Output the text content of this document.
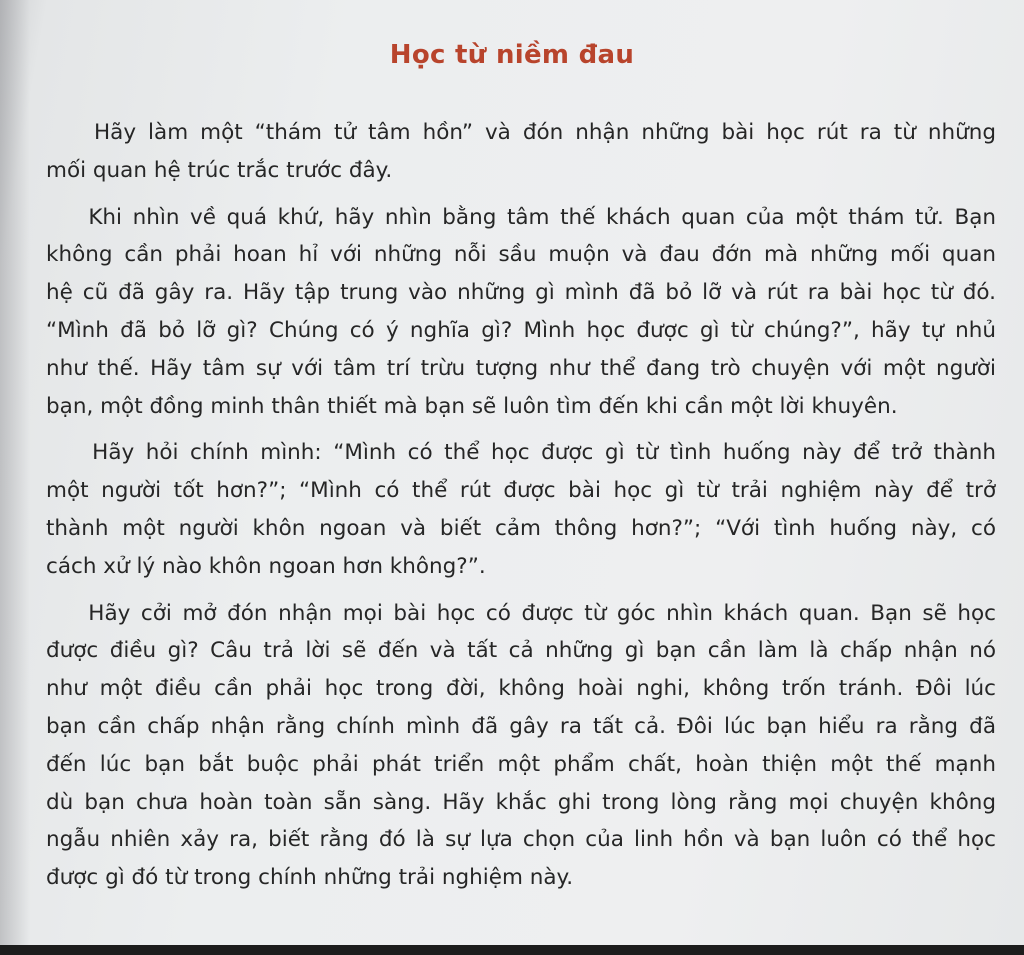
Học từ niềm đau
Hãy làm một “thám tử tâm hồn” và đón nhận những bài học rút ra từ những
mối quan hệ trúc trắc trước đây.
Khi nhìn về quá khứ, hãy nhìn bằng tâm thế khách quan của một thám tử. Bạn
không cần phải hoan hỉ với những nỗi sầu muộn và đau đớn mà những mối quan
hệ cũ đã gây ra. Hãy tập trung vào những gì mình đã bỏ lỡ và rút ra bài học từ đó.
“Mình đã bỏ lỡ gì? Chúng có ý nghĩa gì? Mình học được gì từ chúng?”, hãy tự nhủ
như thế. Hãy tâm sự với tâm trí trừu tượng như thể đang trò chuyện với một người
bạn, một đồng minh thân thiết mà bạn sẽ luôn tìm đến khi cần một lời khuyên.
Hãy hỏi chính mình: “Mình có thể học được gì từ tình huống này để trở thành
một người tốt hơn?”; “Mình có thể rút được bài học gì từ trải nghiệm này để trở
thành một người khôn ngoan và biết cảm thông hơn?”; “Với tình huống này, có
cách xử lý nào khôn ngoan hơn không?”.
Hãy cởi mở đón nhận mọi bài học có được từ góc nhìn khách quan. Bạn sẽ học
được điều gì? Câu trả lời sẽ đến và tất cả những gì bạn cần làm là chấp nhận nó
như một điều cần phải học trong đời, không hoài nghi, không trốn tránh. Đôi lúc
bạn cần chấp nhận rằng chính mình đã gây ra tất cả. Đôi lúc bạn hiểu ra rằng đã
đến lúc bạn bắt buộc phải phát triển một phẩm chất, hoàn thiện một thế mạnh
dù bạn chưa hoàn toàn sẵn sàng. Hãy khắc ghi trong lòng rằng mọi chuyện không
ngẫu nhiên xảy ra, biết rằng đó là sự lựa chọn của linh hồn và bạn luôn có thể học
được gì đó từ trong chính những trải nghiệm này.
